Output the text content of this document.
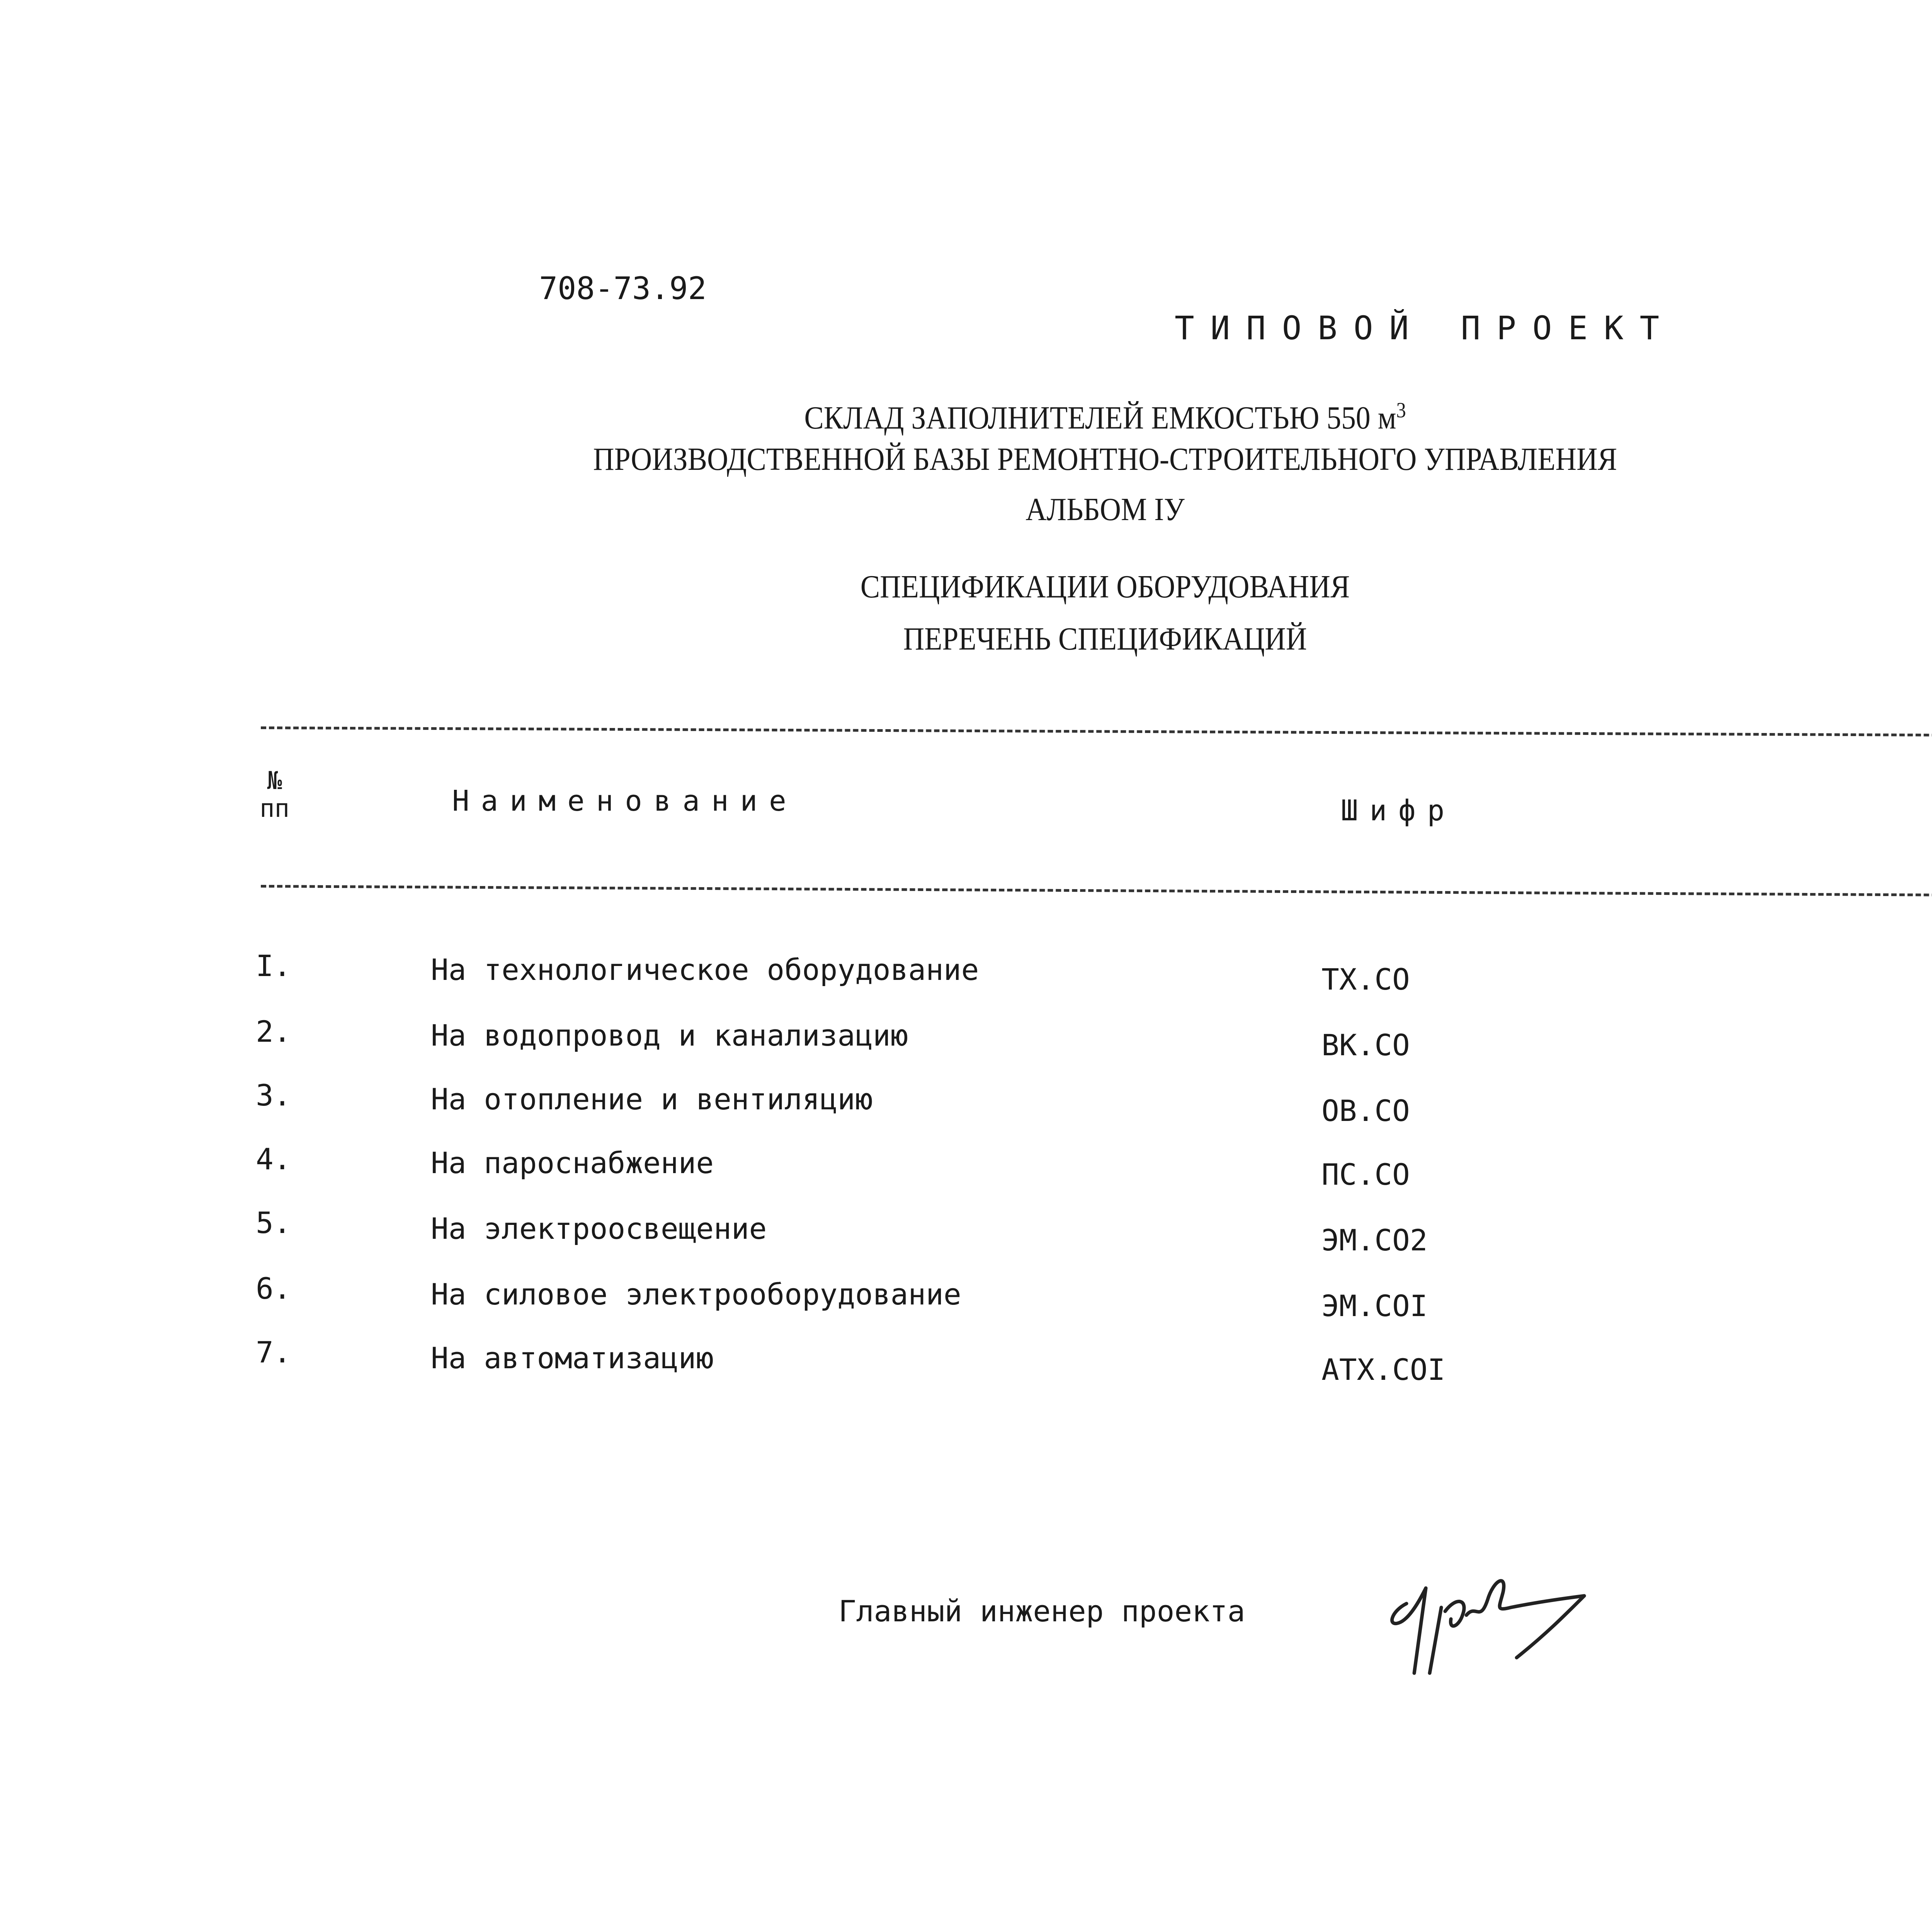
708-73.92
ТИПОВОЙ ПРОЕКТ
СКЛАД ЗАПОЛНИТЕЛЕЙ ЕМКОСТЬЮ 550 $м^3$
ПРОИЗВОДСТВЕННОЙ БАЗЫ РЕМОНТНО-СТРОИТЕЛЬНОГО УПРАВЛЕНИЯ
АЛЬБОМ IУ
СПЕЦИФИКАЦИИ ОБОРУДОВАНИЯ
ПЕРЕЧЕНЬ СПЕЦИФИКАЦИЙ
№
пп	Наименование	Шифр
I.	На технологическое оборудование	ТХ.СО
2.	На водопровод и канализацию	ВК.СО
3.	На отопление и вентиляцию	ОВ.СО
4.	На пароснабжение	ПС.СО
5.	На электроосвещение	ЭМ.СО2
6.	На силовое электрооборудование	ЭМ.СОI
7.	На автоматизацию	АТХ.СОI
Главный инженер проекта
